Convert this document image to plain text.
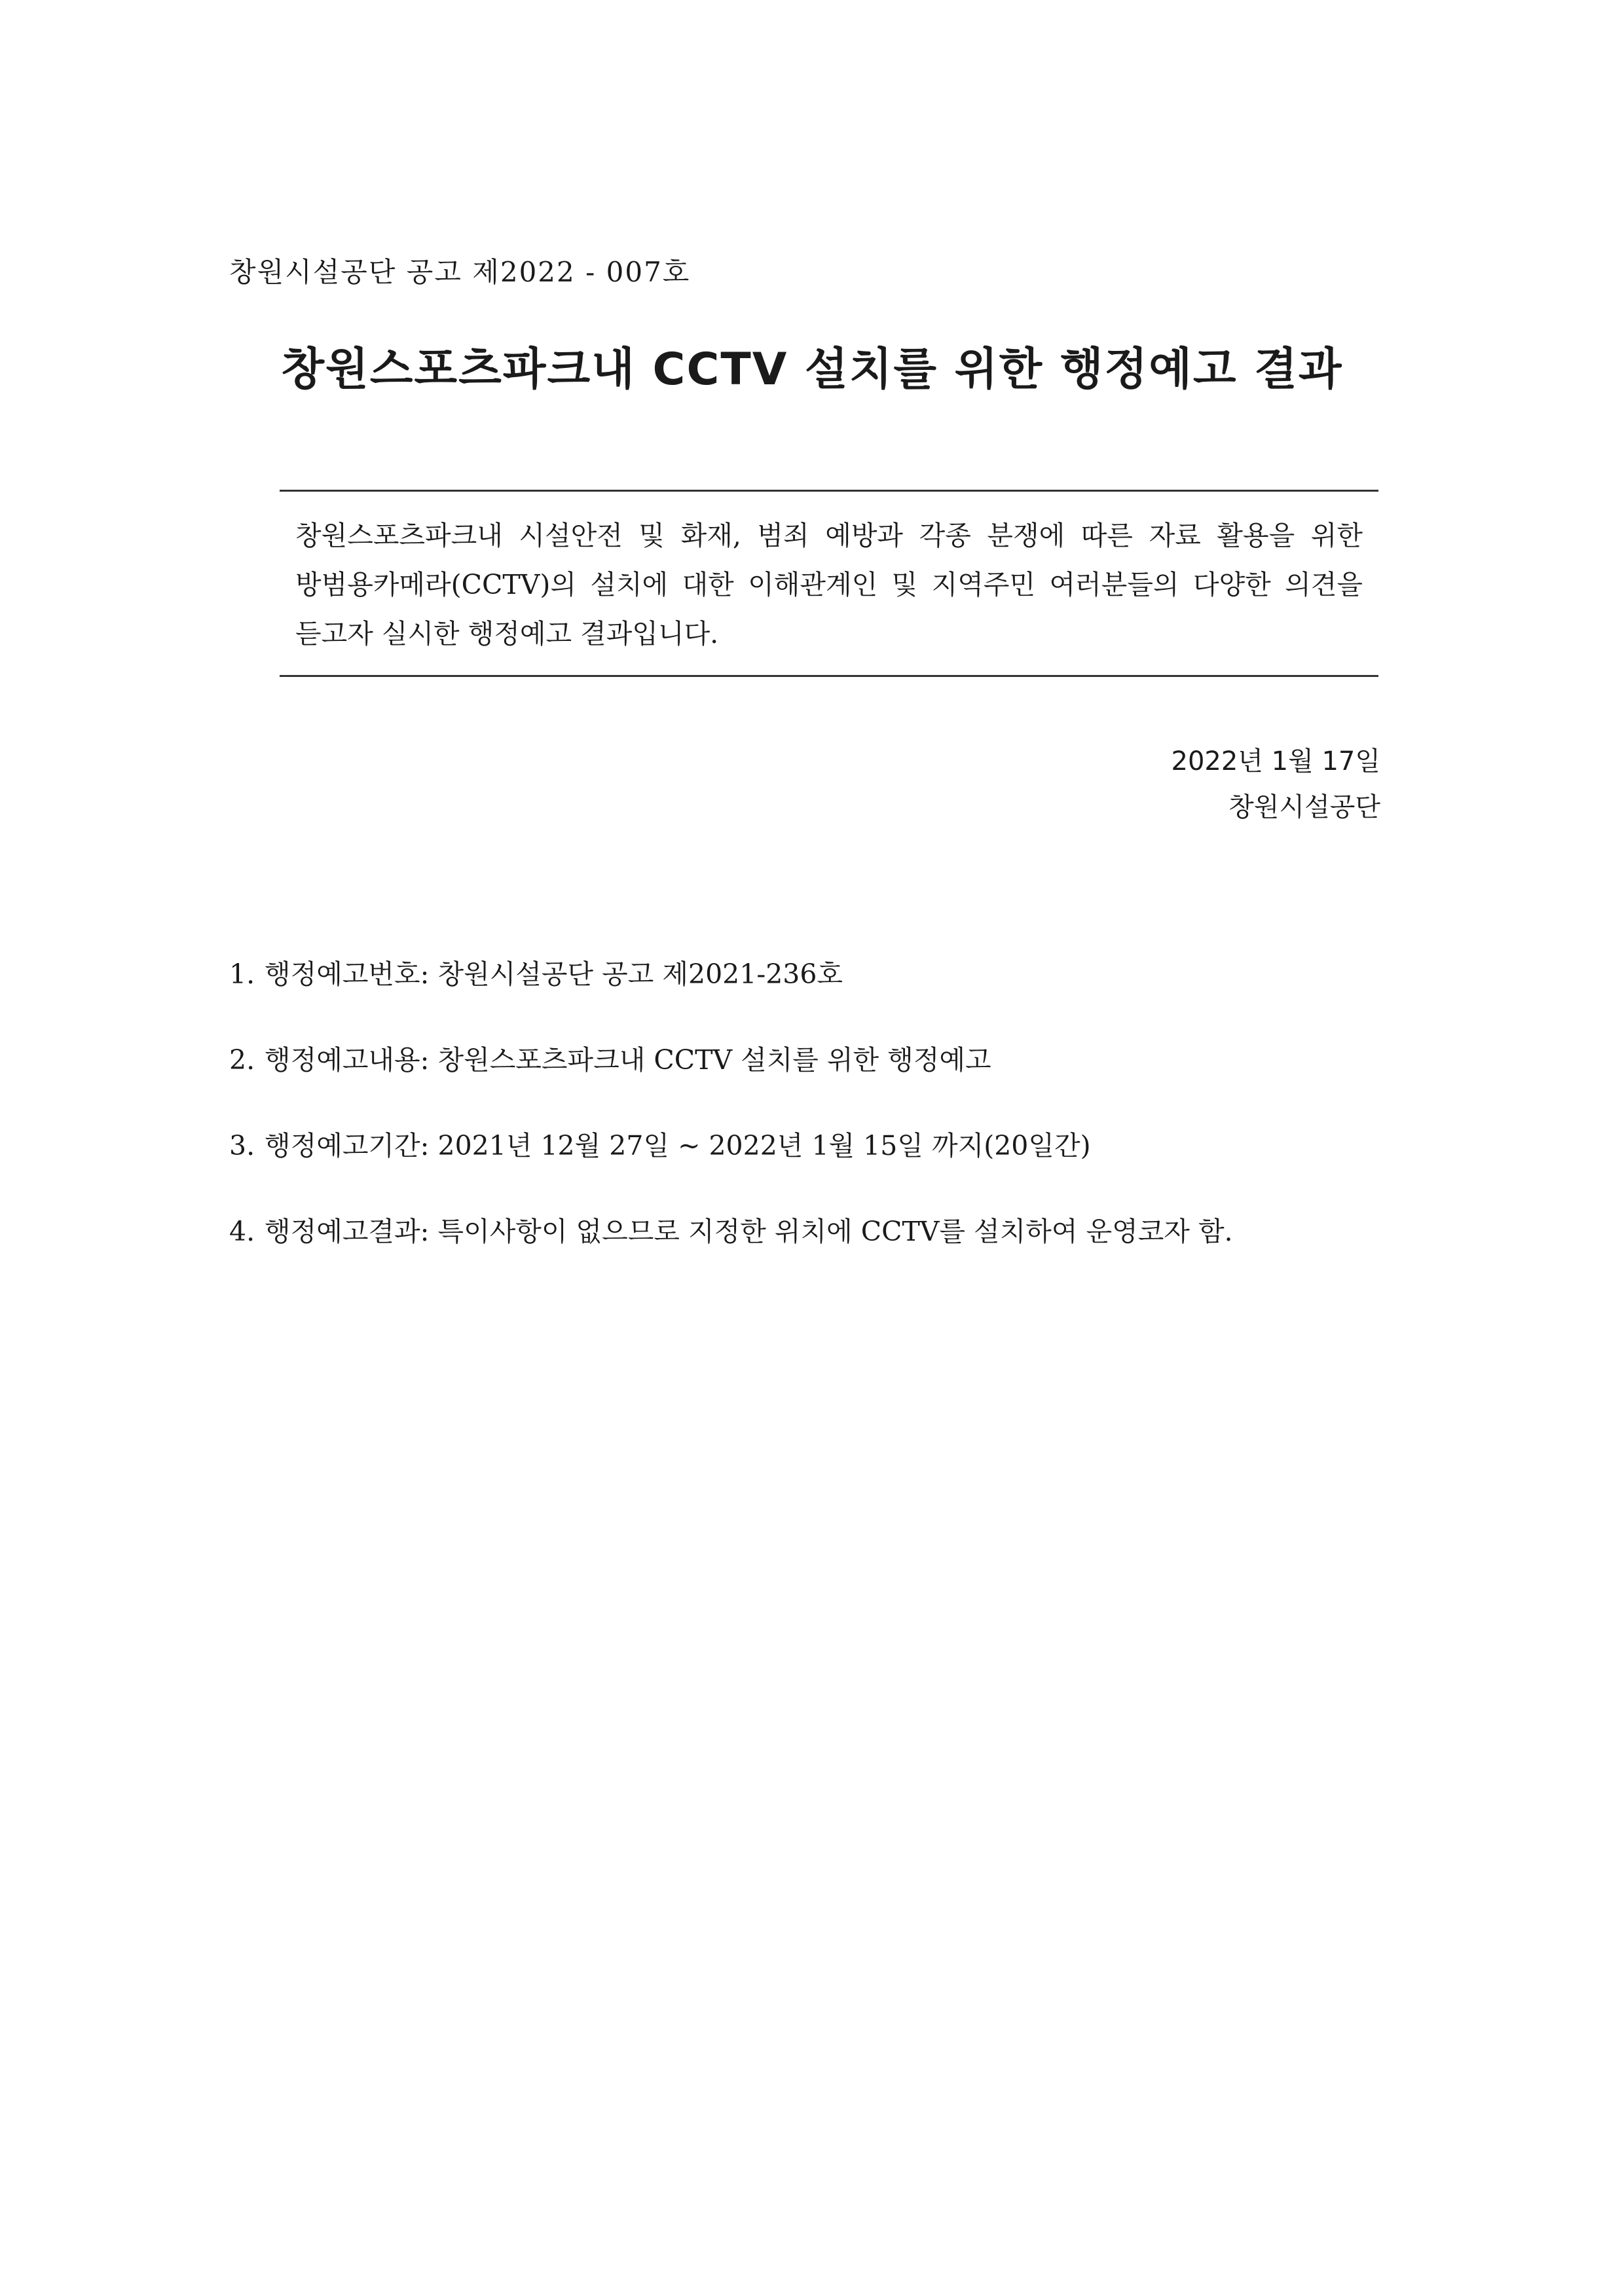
창원시설공단 공고 제2022 - 007호
창원스포츠파크내 CCTV 설치를 위한 행정예고 결과
창원스포츠파크내 시설안전 및 화재, 범죄 예방과 각종 분쟁에 따른 자료 활용을 위한 방범용카메라(CCTV)의 설치에 대한 이해관계인 및 지역주민 여러분들의 다양한 의견을 듣고자 실시한 행정예고 결과입니다.
2022년 1월 17일
창원시설공단
1. 행정예고번호: 창원시설공단 공고 제2021-236호
2. 행정예고내용: 창원스포츠파크내 CCTV 설치를 위한 행정예고
3. 행정예고기간: 2021년 12월 27일 ~ 2022년 1월 15일 까지(20일간)
4. 행정예고결과: 특이사항이 없으므로 지정한 위치에 CCTV를 설치하여 운영코자 함.
